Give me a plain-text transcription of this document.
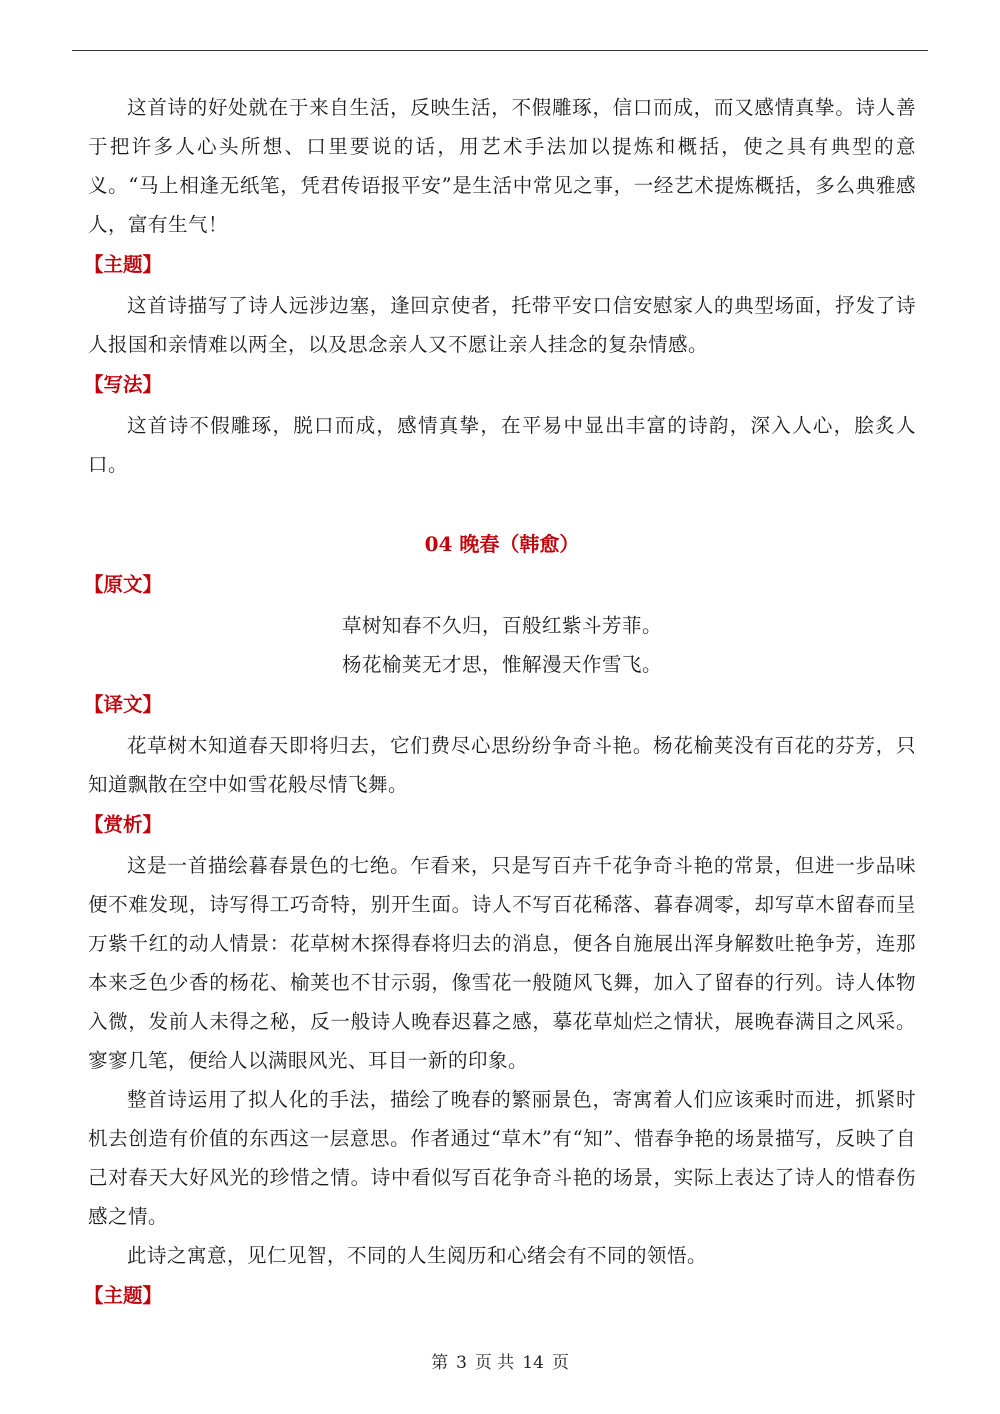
这首诗的好处就在于来自生活，反映生活，不假雕琢，信口而成，而又感情真挚。诗人善于把许多人心头所想、口里要说的话，用艺术手法加以提炼和概括，使之具有典型的意义。“马上相逢无纸笔，凭君传语报平安”是生活中常见之事，一经艺术提炼概括，多么典雅感人，富有生气！

【主题】

这首诗描写了诗人远涉边塞，逢回京使者，托带平安口信安慰家人的典型场面，抒发了诗人报国和亲情难以两全，以及思念亲人又不愿让亲人挂念的复杂情感。

【写法】

这首诗不假雕琢，脱口而成，感情真挚，在平易中显出丰富的诗韵，深入人心，脍炙人口。

04 晚春（韩愈）
【原文】
草树知春不久归，百般红紫斗芳菲。
杨花榆荚无才思，惟解漫天作雪飞。
【译文】

花草树木知道春天即将归去，它们费尽心思纷纷争奇斗艳。杨花榆荚没有百花的芬芳，只知道飘散在空中如雪花般尽情飞舞。

【赏析】

这是一首描绘暮春景色的七绝。乍看来，只是写百卉千花争奇斗艳的常景，但进一步品味便不难发现，诗写得工巧奇特，别开生面。诗人不写百花稀落、暮春凋零，却写草木留春而呈万紫千红的动人情景：花草树木探得春将归去的消息，便各自施展出浑身解数吐艳争芳，连那本来乏色少香的杨花、榆荚也不甘示弱，像雪花一般随风飞舞，加入了留春的行列。诗人体物入微，发前人未得之秘，反一般诗人晚春迟暮之感，摹花草灿烂之情状，展晚春满目之风采。寥寥几笔，便给人以满眼风光、耳目一新的印象。

整首诗运用了拟人化的手法，描绘了晚春的繁丽景色，寄寓着人们应该乘时而进，抓紧时机去创造有价值的东西这一层意思。作者通过“草木”有“知”、惜春争艳的场景描写，反映了自己对春天大好风光的珍惜之情。诗中看似写百花争奇斗艳的场景，实际上表达了诗人的惜春伤感之情。

此诗之寓意，见仁见智，不同的人生阅历和心绪会有不同的领悟。

【主题】
第 3 页 共 14 页
